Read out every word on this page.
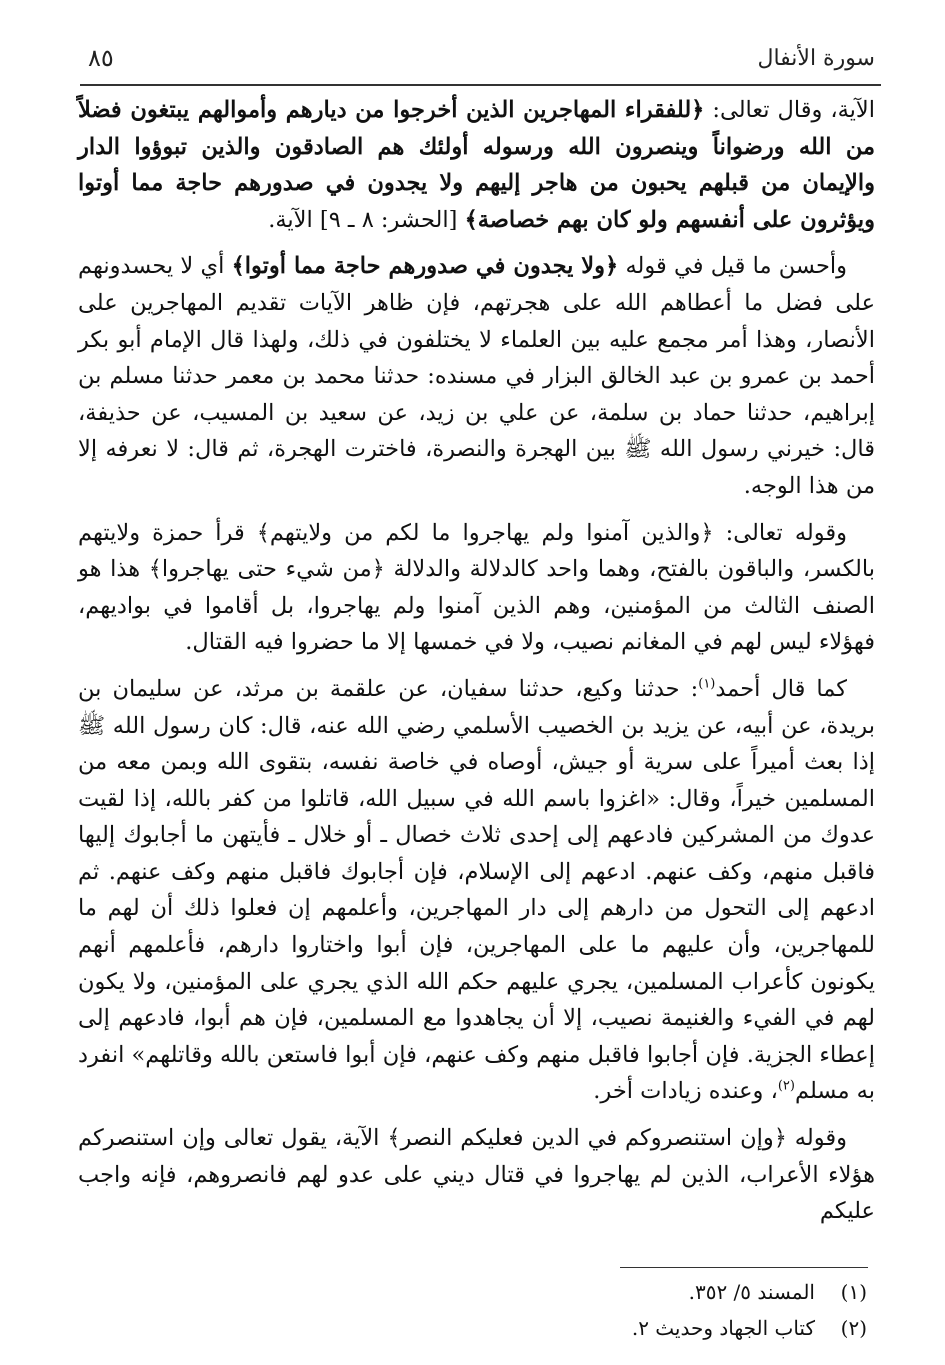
سورة الأنفال
٨٥

الآية، وقال تعالى: ﴿للفقراء المهاجرين الذين أخرجوا من ديارهم وأموالهم يبتغون فضلاً من الله ورضواناً وينصرون الله ورسوله أولئك هم الصادقون والذين تبوؤوا الدار والإيمان من قبلهم يحبون من هاجر إليهم ولا يجدون في صدورهم حاجة مما أوتوا ويؤثرون على أنفسهم ولو كان بهم خصاصة﴾ [الحشر: ٨ ـ ٩] الآية.

وأحسن ما قيل في قوله ﴿ولا يجدون في صدورهم حاجة مما أوتوا﴾ أي لا يحسدونهم على فضل ما أعطاهم الله على هجرتهم، فإن ظاهر الآيات تقديم المهاجرين على الأنصار، وهذا أمر مجمع عليه بين العلماء لا يختلفون في ذلك، ولهذا قال الإمام أبو بكر أحمد بن عمرو بن عبد الخالق البزار في مسنده: حدثنا محمد بن معمر حدثنا مسلم بن إبراهيم، حدثنا حماد بن سلمة، عن علي بن زيد، عن سعيد بن المسيب، عن حذيفة، قال: خيرني رسول الله ﷺ بين الهجرة والنصرة، فاخترت الهجرة، ثم قال: لا نعرفه إلا من هذا الوجه.

وقوله تعالى: ﴿والذين آمنوا ولم يهاجروا ما لكم من ولايتهم﴾ قرأ حمزة ولايتهم بالكسر، والباقون بالفتح، وهما واحد كالدلالة والدلالة ﴿من شيء حتى يهاجروا﴾ هذا هو الصنف الثالث من المؤمنين، وهم الذين آمنوا ولم يهاجروا، بل أقاموا في بواديهم، فهؤلاء ليس لهم في المغانم نصيب، ولا في خمسها إلا ما حضروا فيه القتال.

كما قال أحمد$^{(١)}$: حدثنا وكيع، حدثنا سفيان، عن علقمة بن مرثد، عن سليمان بن بريدة، عن أبيه، عن يزيد بن الخصيب الأسلمي رضي الله عنه، قال: كان رسول الله ﷺ إذا بعث أميراً على سرية أو جيش، أوصاه في خاصة نفسه، بتقوى الله وبمن معه من المسلمين خيراً، وقال: «اغزوا باسم الله في سبيل الله، قاتلوا من كفر بالله، إذا لقيت عدوك من المشركين فادعهم إلى إحدى ثلاث خصال ـ أو خلال ـ فأيتهن ما أجابوك إليها فاقبل منهم، وكف عنهم. ادعهم إلى الإسلام، فإن أجابوك فاقبل منهم وكف عنهم. ثم ادعهم إلى التحول من دارهم إلى دار المهاجرين، وأعلمهم إن فعلوا ذلك أن لهم ما للمهاجرين، وأن عليهم ما على المهاجرين، فإن أبوا واختاروا دارهم، فأعلمهم أنهم يكونون كأعراب المسلمين، يجري عليهم حكم الله الذي يجري على المؤمنين، ولا يكون لهم في الفيء والغنيمة نصيب، إلا أن يجاهدوا مع المسلمين، فإن هم أبوا، فادعهم إلى إعطاء الجزية. فإن أجابوا فاقبل منهم وكف عنهم، فإن أبوا فاستعن بالله وقاتلهم» انفرد به مسلم$^{(٢)}$، وعنده زيادات أخر.

وقوله ﴿وإن استنصروكم في الدين فعليكم النصر﴾ الآية، يقول تعالى وإن استنصركم هؤلاء الأعراب، الذين لم يهاجروا في قتال ديني على عدو لهم فانصروهم، فإنه واجب عليكم

(١)المسند ٥/ ٣٥٢.

(٢)كتاب الجهاد وحديث ٢.
